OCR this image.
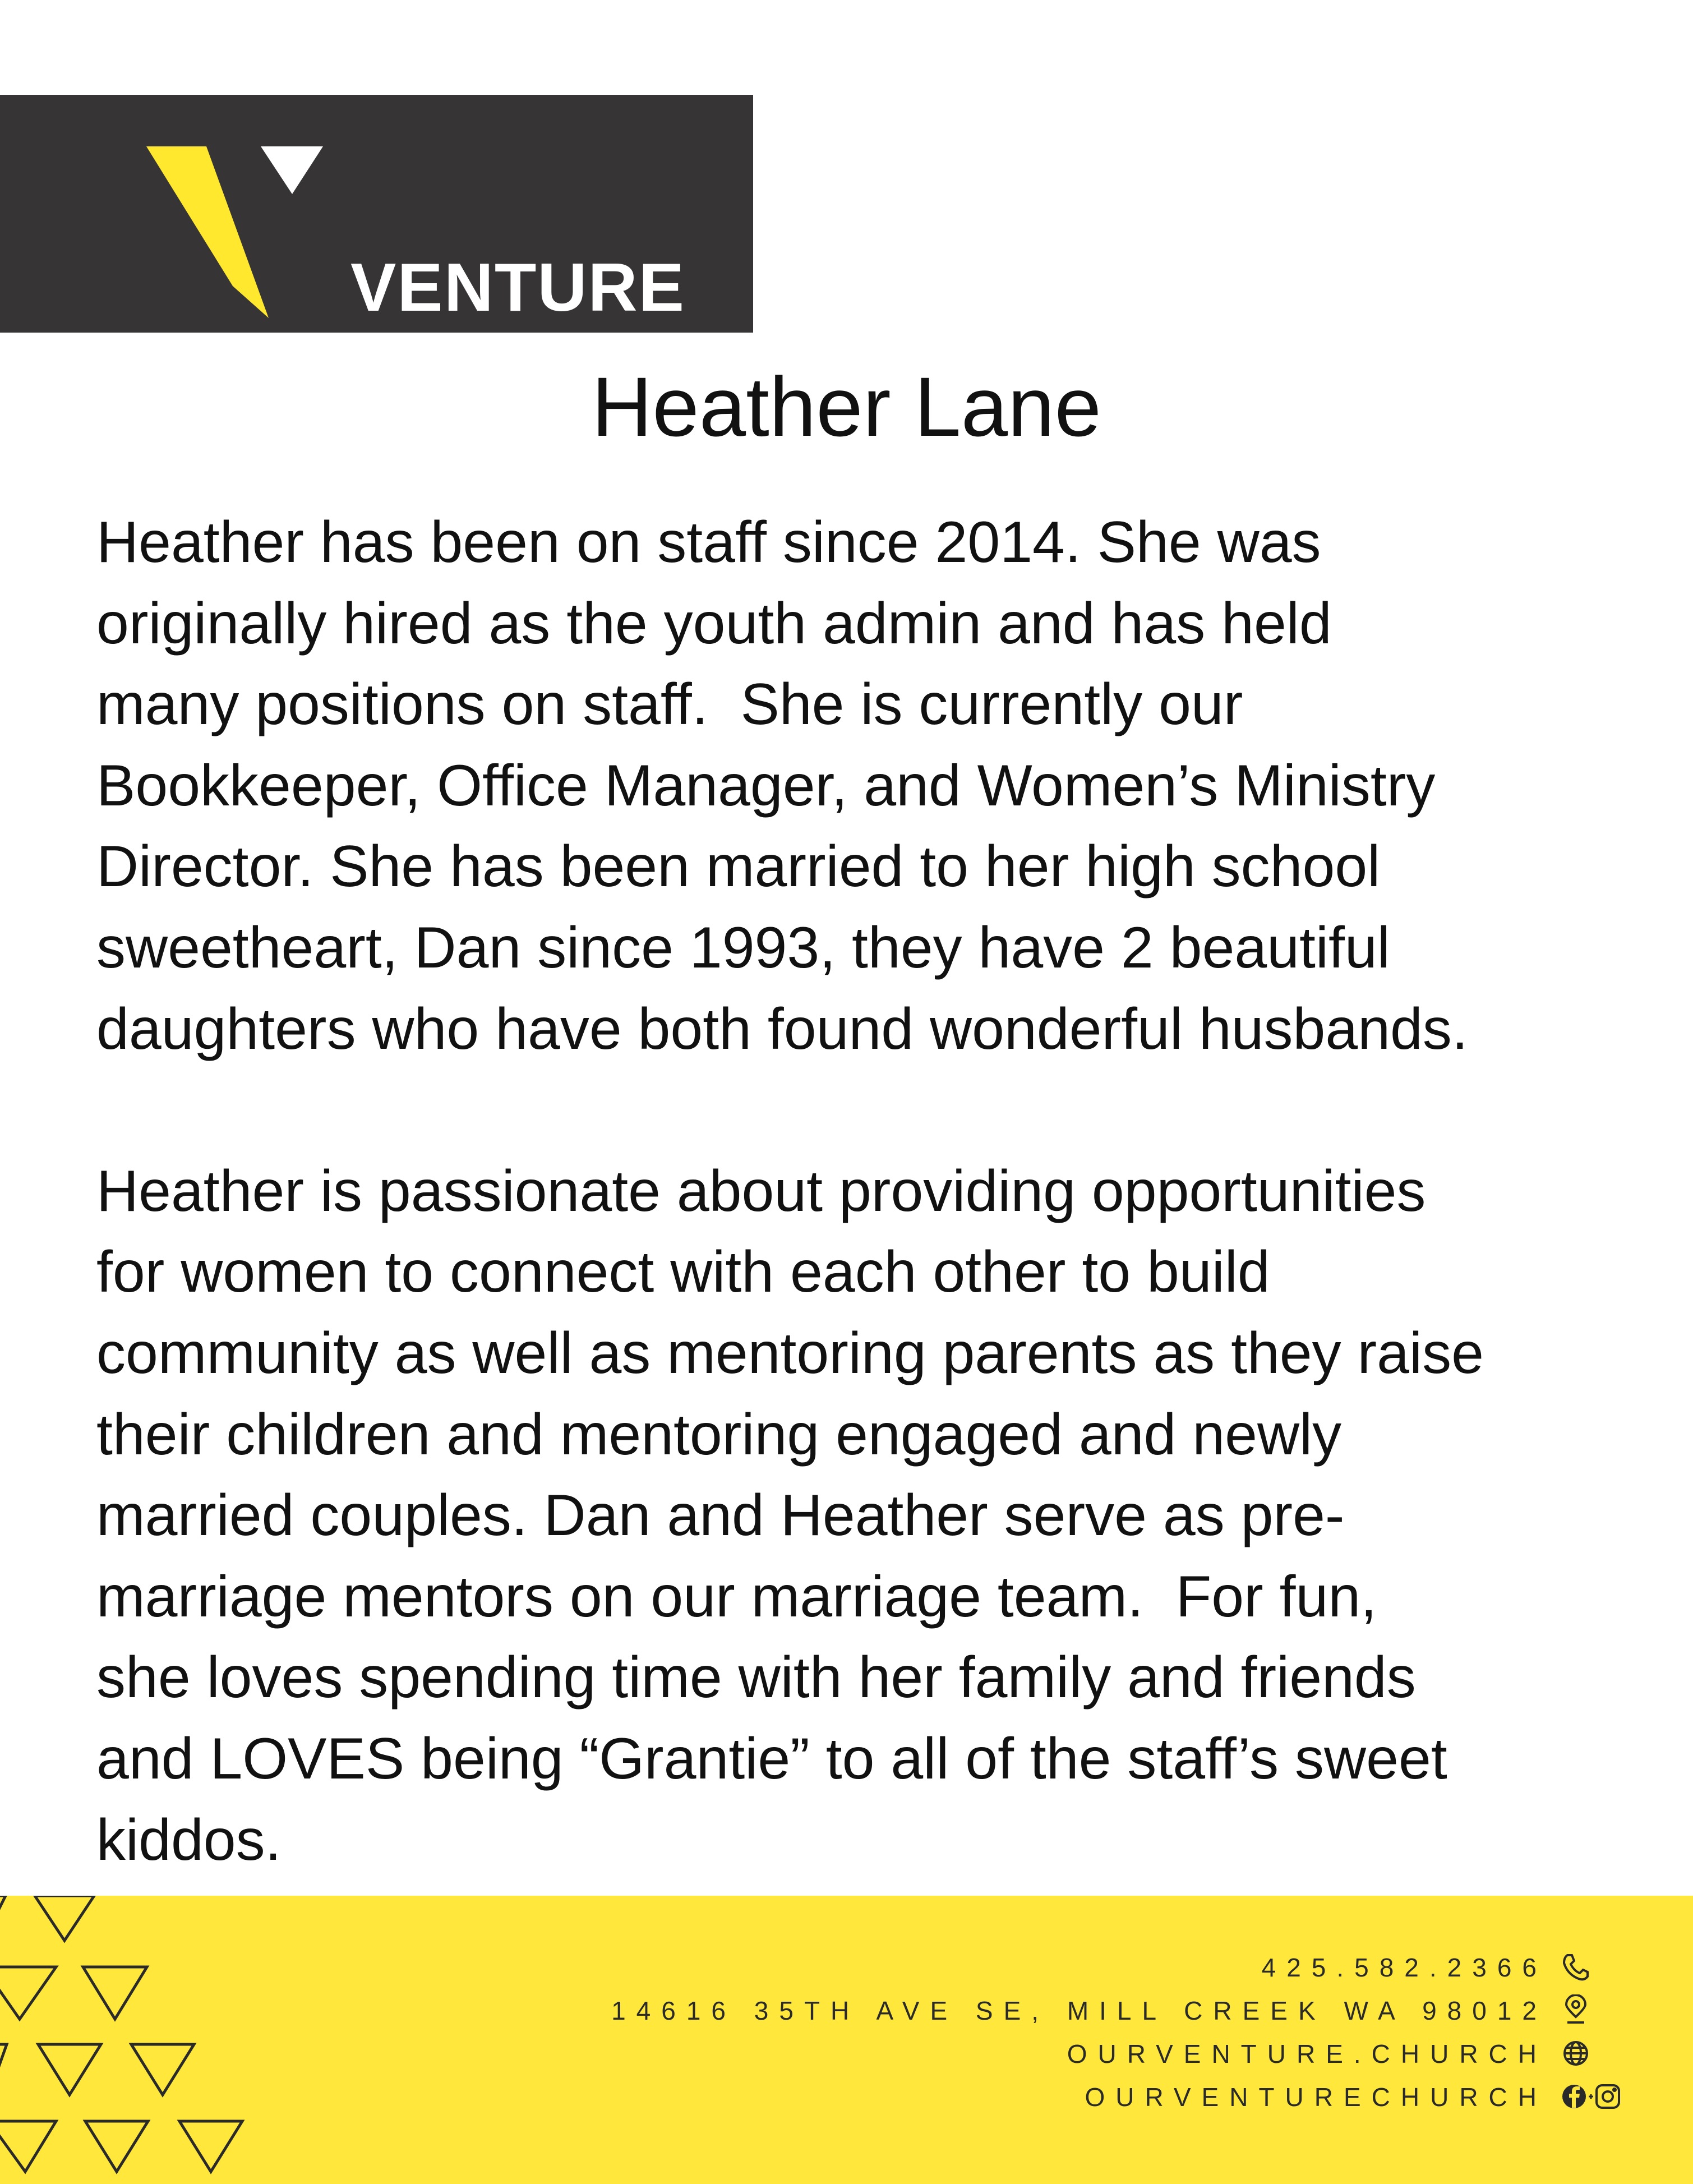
VENTURE
CHURCH
Heather Lane
Heather has been on staff since 2014. She was
originally hired as the youth admin and has held
many positions on staff.  She is currently our
Bookkeeper, Office Manager, and Women’s Ministry
Director. She has been married to her high school
sweetheart, Dan since 1993, they have 2 beautiful
daughters who have both found wonderful husbands.
Heather is passionate about providing opportunities
for women to connect with each other to build
community as well as mentoring parents as they raise
their children and mentoring engaged and newly
married couples. Dan and Heather serve as pre-
marriage mentors on our marriage team.  For fun,
she loves spending time with her family and friends
and LOVES being “Grantie” to all of the staff’s sweet
kiddos.
425.582.2366
14616 35TH AVE SE, MILL CREEK WA 98012
OURVENTURE.CHURCH
OURVENTURECHURCH
